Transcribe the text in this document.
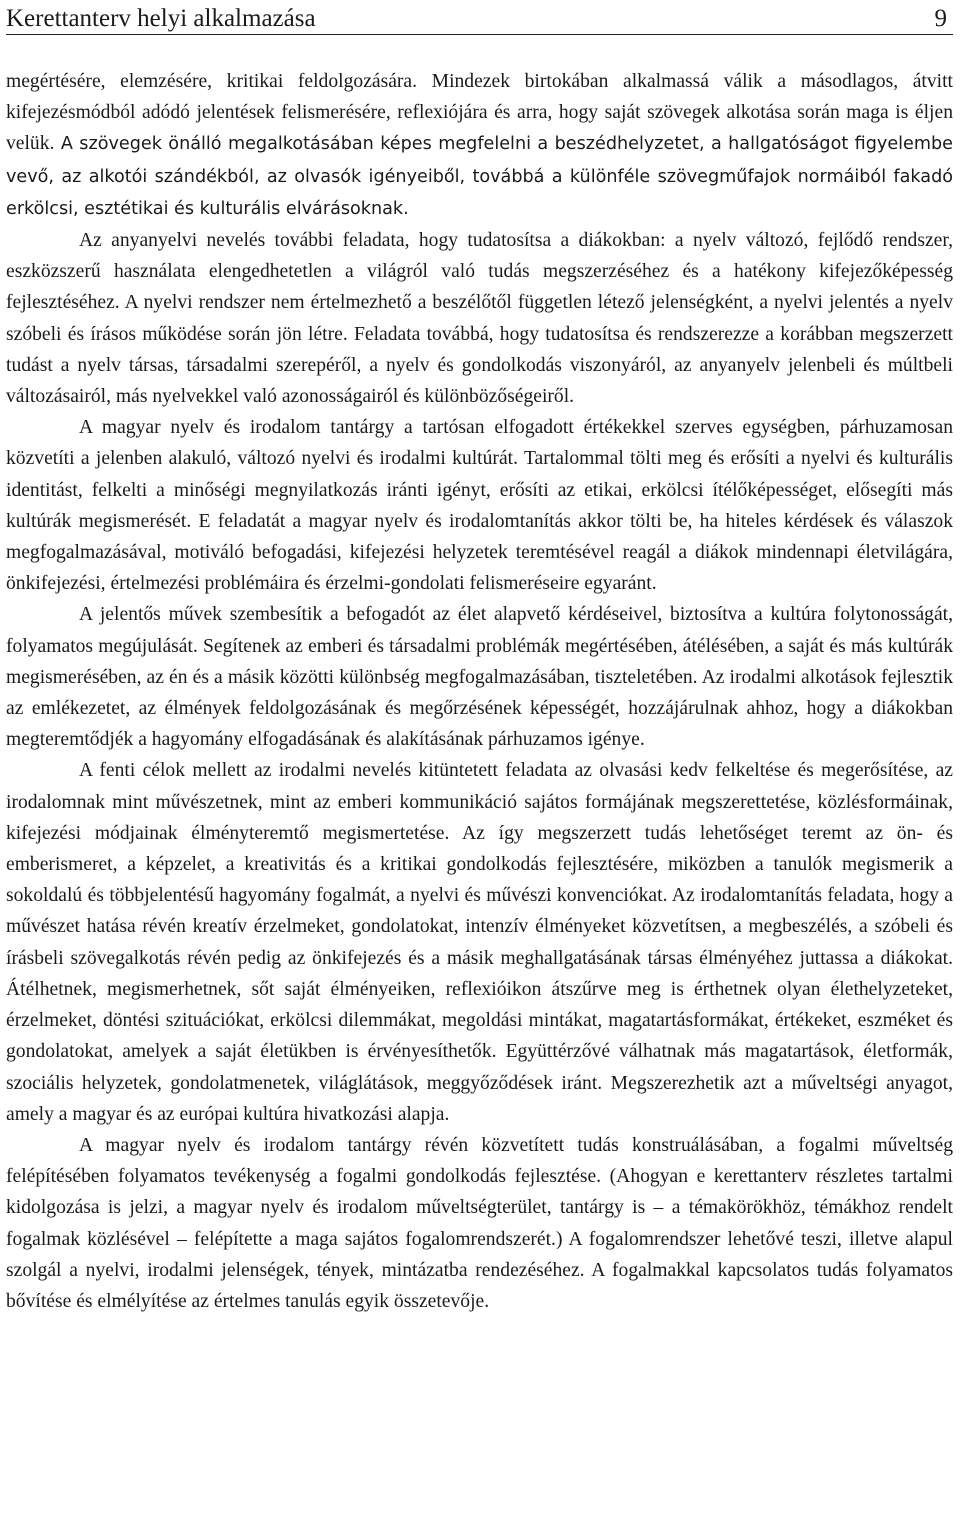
Kerettanterv helyi alkalmazása	9

megértésére, elemzésére, kritikai feldolgozására. Mindezek birtokában alkalmassá válik a másodlagos, átvitt kifejezésmódból adódó jelentések felismerésére, reflexiójára és arra, hogy saját szövegek alkotása során maga is éljen velük. A szövegek önálló megalkotásában képes megfelelni a beszédhelyzetet, a hallgatóságot figyelembe vevő, az alkotói szándékból, az olvasók igényeiből, továbbá a különféle szövegműfajok normáiból fakadó erkölcsi, esztétikai és kulturális elvárásoknak.

Az anyanyelvi nevelés további feladata, hogy tudatosítsa a diákokban: a nyelv változó, fejlődő rendszer, eszközszerű használata elengedhetetlen a világról való tudás megszerzéséhez és a hatékony kifejezőképesség fejlesztéséhez. A nyelvi rendszer nem értelmezhető a beszélőtől független létező jelenségként, a nyelvi jelentés a nyelv szóbeli és írásos működése során jön létre. Feladata továbbá, hogy tudatosítsa és rendszerezze a korábban megszerzett tudást a nyelv társas, társadalmi szerepéről, a nyelv és gondolkodás viszonyáról, az anyanyelv jelenbeli és múltbeli változásairól, más nyelvekkel való azonosságairól és különbözőségeiről.

A magyar nyelv és irodalom tantárgy a tartósan elfogadott értékekkel szerves egységben, párhuzamosan közvetíti a jelenben alakuló, változó nyelvi és irodalmi kultúrát. Tartalommal tölti meg és erősíti a nyelvi és kulturális identitást, felkelti a minőségi megnyilatkozás iránti igényt, erősíti az etikai, erkölcsi ítélőképességet, elősegíti más kultúrák megismerését. E feladatát a magyar nyelv és irodalomtanítás akkor tölti be, ha hiteles kérdések és válaszok megfogalmazásával, motiváló befogadási, kifejezési helyzetek teremtésével reagál a diákok mindennapi életvilágára, önkifejezési, értelmezési problémáira és érzelmi-gondolati felismeréseire egyaránt.

A jelentős művek szembesítik a befogadót az élet alapvető kérdéseivel, biztosítva a kultúra folytonosságát, folyamatos megújulását. Segítenek az emberi és társadalmi problémák megértésében, átélésében, a saját és más kultúrák megismerésében, az én és a másik közötti különbség megfogalmazásában, tiszteletében. Az irodalmi alkotások fejlesztik az emlékezetet, az élmények feldolgozásának és megőrzésének képességét, hozzájárulnak ahhoz, hogy a diákokban megteremtődjék a hagyomány elfogadásának és alakításának párhuzamos igénye.

A fenti célok mellett az irodalmi nevelés kitüntetett feladata az olvasási kedv felkeltése és megerősítése, az irodalomnak mint művészetnek, mint az emberi kommunikáció sajátos formájának megszerettetése, közlésformáinak, kifejezési módjainak élményteremtő megismertetése. Az így megszerzett tudás lehetőséget teremt az ön- és emberismeret, a képzelet, a kreativitás és a kritikai gondolkodás fejlesztésére, miközben a tanulók megismerik a sokoldalú és többjelentésű hagyomány fogalmát, a nyelvi és művészi konvenciókat. Az irodalomtanítás feladata, hogy a művészet hatása révén kreatív érzelmeket, gondolatokat, intenzív élményeket közvetítsen, a megbeszélés, a szóbeli és írásbeli szövegalkotás révén pedig az önkifejezés és a másik meghallgatásának társas élményéhez juttassa a diákokat. Átélhetnek, megismerhetnek, sőt saját élményeiken, reflexióikon átszűrve meg is érthetnek olyan élethelyzeteket, érzelmeket, döntési szituációkat, erkölcsi dilemmákat, megoldási mintákat, magatartásformákat, értékeket, eszméket és gondolatokat, amelyek a saját életükben is érvényesíthetők. Együttérzővé válhatnak más magatartások, életformák, szociális helyzetek, gondolatmenetek, világlátások, meggyőződések iránt. Megszerezhetik azt a műveltségi anyagot, amely a magyar és az európai kultúra hivatkozási alapja.

A magyar nyelv és irodalom tantárgy révén közvetített tudás konstruálásában, a fogalmi műveltség felépítésében folyamatos tevékenység a fogalmi gondolkodás fejlesztése. (Ahogyan e kerettanterv részletes tartalmi kidolgozása is jelzi, a magyar nyelv és irodalom műveltségterület, tantárgy is – a témakörökhöz, témákhoz rendelt fogalmak közlésével – felépítette a maga sajátos fogalomrendszerét.) A fogalomrendszer lehetővé teszi, illetve alapul szolgál a nyelvi, irodalmi jelenségek, tények, mintázatba rendezéséhez. A fogalmakkal kapcsolatos tudás folyamatos bővítése és elmélyítése az értelmes tanulás egyik összetevője.
